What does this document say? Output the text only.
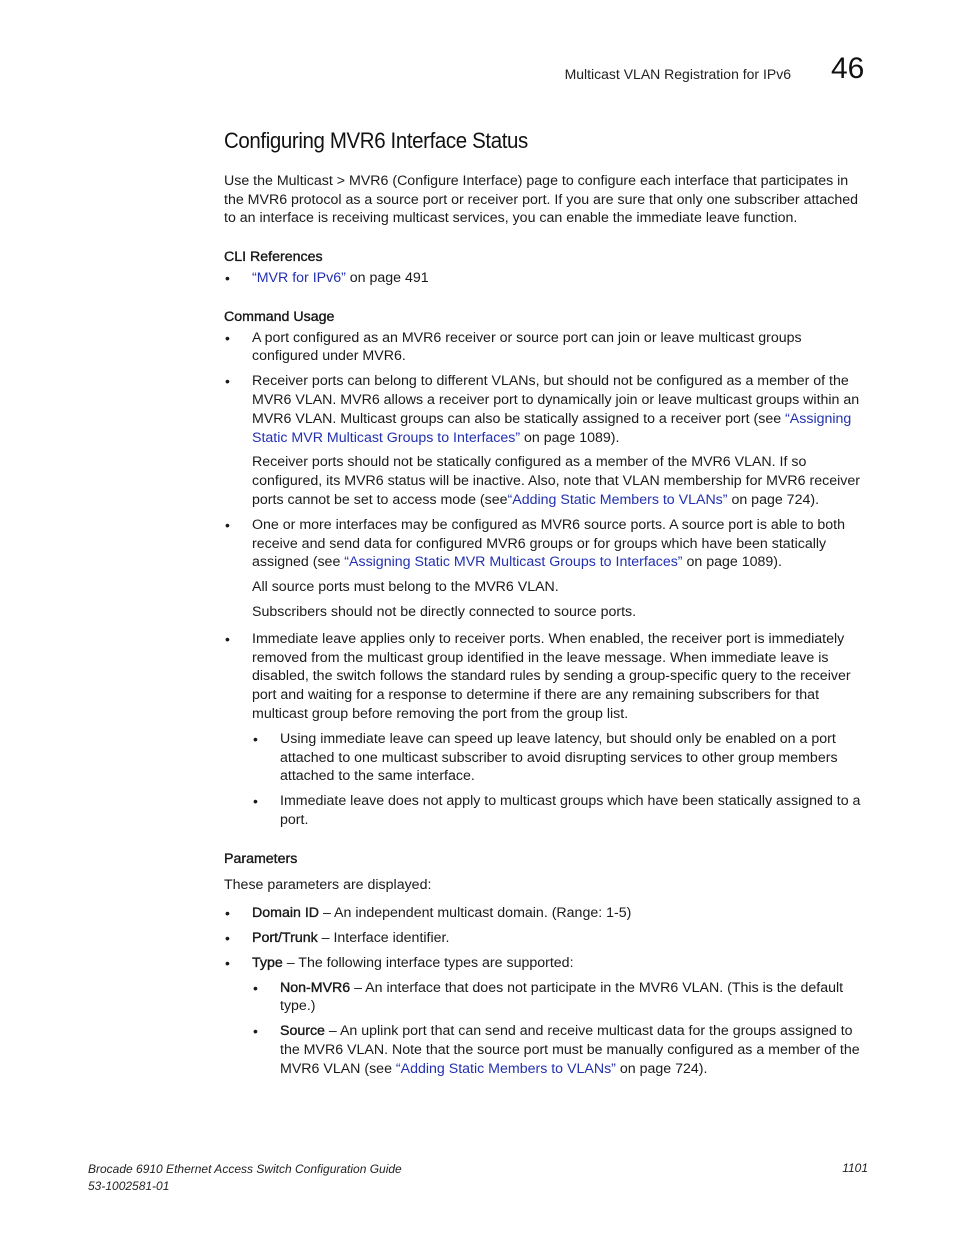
Multicast VLAN Registration for IPv6 46
Configuring MVR6 Interface Status

Use the Multicast > MVR6 (Configure Interface) page to configure each interface that participates in the MVR6 protocol as a source port or receiver port. If you are sure that only one subscriber attached to an interface is receiving multicast services, you can enable the immediate leave function.

CLI References

• “MVR for IPv6” on page 491

Command Usage

• A port configured as an MVR6 receiver or source port can join or leave multicast groups configured under MVR6.
• Receiver ports can belong to different VLANs, but should not be configured as a member of the MVR6 VLAN. MVR6 allows a receiver port to dynamically join or leave multicast groups within an MVR6 VLAN. Multicast groups can also be statically assigned to a receiver port (see “Assigning Static MVR Multicast Groups to Interfaces” on page 1089).

Receiver ports should not be statically configured as a member of the MVR6 VLAN. If so configured, its MVR6 status will be inactive. Also, note that VLAN membership for MVR6 receiver ports cannot be set to access mode (see“Adding Static Members to VLANs” on page 724).

• One or more interfaces may be configured as MVR6 source ports. A source port is able to both receive and send data for configured MVR6 groups or for groups which have been statically assigned (see “Assigning Static MVR Multicast Groups to Interfaces” on page 1089).

All source ports must belong to the MVR6 VLAN.

Subscribers should not be directly connected to source ports.

• Immediate leave applies only to receiver ports. When enabled, the receiver port is immediately removed from the multicast group identified in the leave message. When immediate leave is disabled, the switch follows the standard rules by sending a group-specific query to the receiver port and waiting for a response to determine if there are any remaining subscribers for that multicast group before removing the port from the group list.
• Using immediate leave can speed up leave latency, but should only be enabled on a port attached to one multicast subscriber to avoid disrupting services to other group members attached to the same interface.
• Immediate leave does not apply to multicast groups which have been statically assigned to a port.

Parameters

These parameters are displayed:

• Domain ID – An independent multicast domain. (Range: 1-5)
• Port/Trunk – Interface identifier.
• Type – The following interface types are supported:
• Non-MVR6 – An interface that does not participate in the MVR6 VLAN. (This is the default type.)
• Source – An uplink port that can send and receive multicast data for the groups assigned to the MVR6 VLAN. Note that the source port must be manually configured as a member of the MVR6 VLAN (see “Adding Static Members to VLANs” on page 724).
Brocade 6910 Ethernet Access Switch Configuration Guide
53-1002581-01
1101
